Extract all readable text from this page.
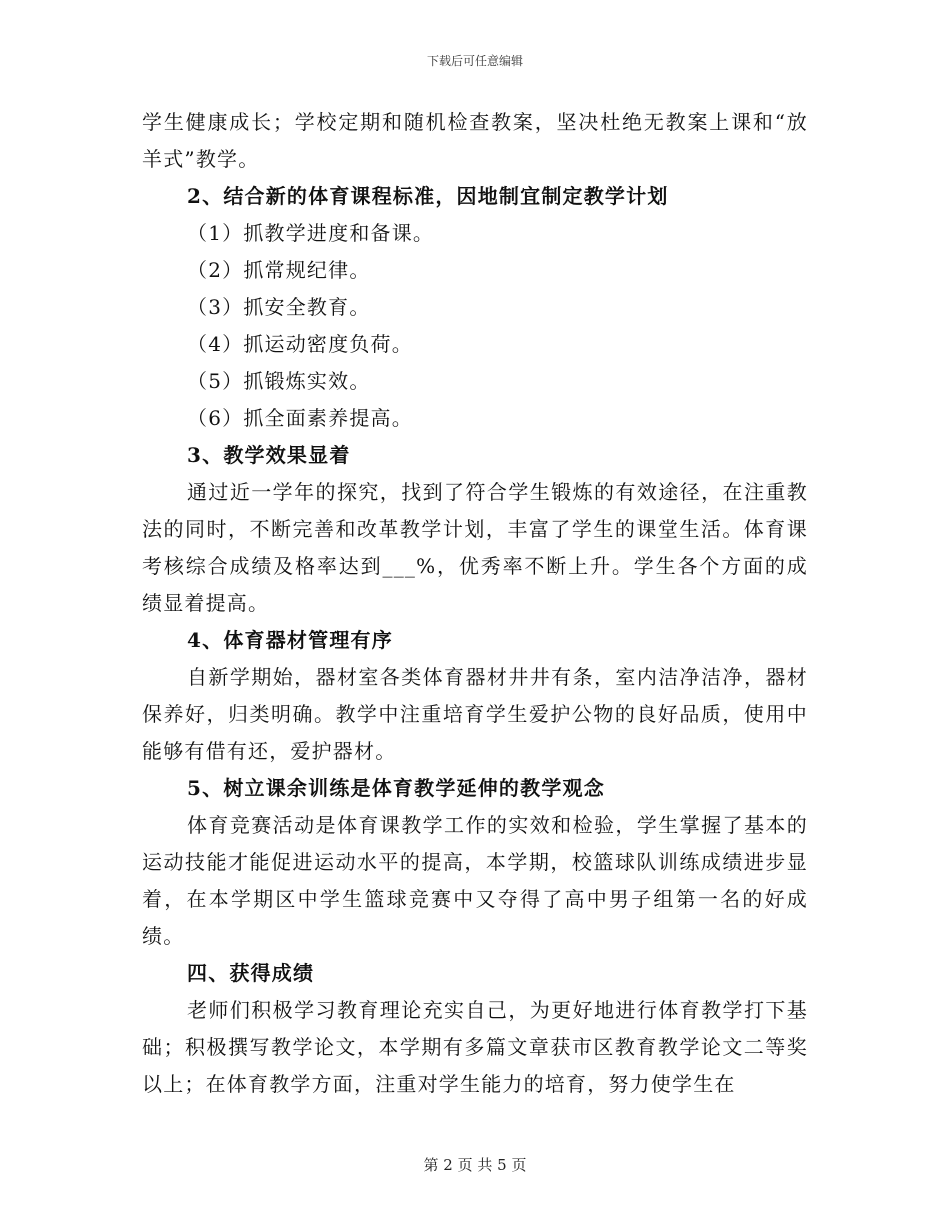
下载后可任意编辑

学生健康成长；学校定期和随机检查教案，坚决杜绝无教案上课和“放羊式”教学。

2、结合新的体育课程标准，因地制宜制定教学计划

（1）抓教学进度和备课。

（2）抓常规纪律。

（3）抓安全教育。

（4）抓运动密度负荷。

（5）抓锻炼实效。

（6）抓全面素养提高。

3、教学效果显着

通过近一学年的探究，找到了符合学生锻炼的有效途径，在注重教法的同时，不断完善和改革教学计划，丰富了学生的课堂生活。体育课考核综合成绩及格率达到___%，优秀率不断上升。学生各个方面的成绩显着提高。

4、体育器材管理有序

自新学期始，器材室各类体育器材井井有条，室内洁净洁净，器材保养好，归类明确。教学中注重培育学生爱护公物的良好品质，使用中能够有借有还，爱护器材。

5、树立课余训练是体育教学延伸的教学观念

体育竞赛活动是体育课教学工作的实效和检验，学生掌握了基本的运动技能才能促进运动水平的提高，本学期，校篮球队训练成绩进步显着，在本学期区中学生篮球竞赛中又夺得了高中男子组第一名的好成绩。

四、获得成绩

老师们积极学习教育理论充实自己，为更好地进行体育教学打下基础；积极撰写教学论文，本学期有多篇文章获市区教育教学论文二等奖以上；在体育教学方面，注重对学生能力的培育，努力使学生在

第 2 页 共 5 页
